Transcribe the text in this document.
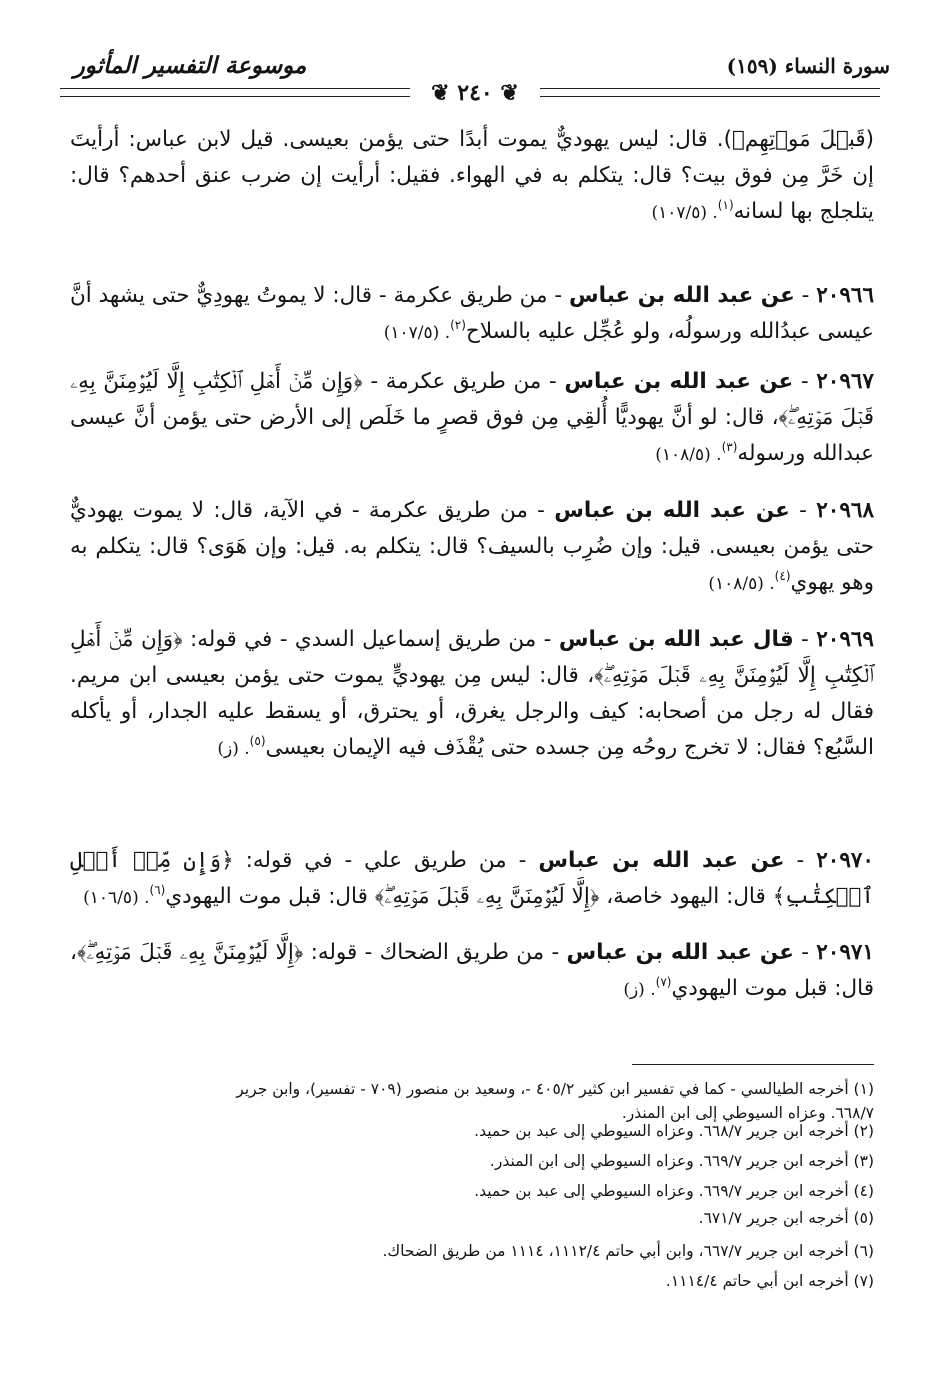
موسوعة التفسير المأثور	سورة النساء (١٥٩)
❦ ٢٤٠ ❦
(قَبۡلَ مَوۡتِهِمۡ). قال: ليس يهوديٌّ يموت أبدًا حتى يؤمن بعيسى. قيل لابن عباس: أرأيتَ إن خَرَّ مِن فوق بيت؟ قال: يتكلم به في الهواء. فقيل: أرأيت إن ضرب عنق أحدهم؟ قال: يتلجلج بها لسانه$^{(١)}$. (١٠٧/٥)
٢٠٩٦٦ - عن عبد الله بن عباس - من طريق عكرمة - قال: لا يموتُ يهودِيٌّ حتى يشهد أنَّ عيسى عبدُالله ورسولُه، ولو عُجِّل عليه بالسلاح$^{(٢)}$. (١٠٧/٥)
٢٠٩٦٧ - عن عبد الله بن عباس - من طريق عكرمة - ﴿وَإِن مِّنۡ أَهۡلِ ٱلۡكِتَٰبِ إِلَّا لَيُؤۡمِنَنَّ بِهِۦ قَبۡلَ مَوۡتِهِۦۖ﴾، قال: لو أنَّ يهوديًّا أُلقِي مِن فوق قصرٍ ما خَلَص إلى الأرض حتى يؤمن أنَّ عيسى عبدالله ورسوله$^{(٣)}$. (١٠٨/٥)
٢٠٩٦٨ - عن عبد الله بن عباس - من طريق عكرمة - في الآية، قال: لا يموت يهوديٌّ حتى يؤمن بعيسى. قيل: وإن ضُرِب بالسيف؟ قال: يتكلم به. قيل: وإن هَوَى؟ قال: يتكلم به وهو يهوي$^{(٤)}$. (١٠٨/٥)
٢٠٩٦٩ - قال عبد الله بن عباس - من طريق إسماعيل السدي - في قوله: ﴿وَإِن مِّنۡ أَهۡلِ ٱلۡكِتَٰبِ إِلَّا لَيُؤۡمِنَنَّ بِهِۦ قَبۡلَ مَوۡتِهِۦۖ﴾، قال: ليس مِن يهوديٍّ يموت حتى يؤمن بعيسى ابن مريم. فقال له رجل من أصحابه: كيف والرجل يغرق، أو يحترق، أو يسقط عليه الجدار، أو يأكله السَّبُع؟ فقال: لا تخرج روحُه مِن جسده حتى يُقْذَف فيه الإيمان بعيسى$^{(٥)}$. (ز)
٢٠٩٧٠ - عن عبد الله بن عباس - من طريق علي - في قوله: ﴿وَإِن مِّنۡ أَهۡلِ ٱلۡكِتَٰبِ﴾ قال: اليهود خاصة، ﴿إِلَّا لَيُؤۡمِنَنَّ بِهِۦ قَبۡلَ مَوۡتِهِۦۖ﴾ قال: قبل موت اليهودي$^{(٦)}$. (١٠٦/٥)
٢٠٩٧١ - عن عبد الله بن عباس - من طريق الضحاك - قوله: ﴿إِلَّا لَيُؤۡمِنَنَّ بِهِۦ قَبۡلَ مَوۡتِهِۦۖ﴾، قال: قبل موت اليهودي$^{(٧)}$. (ز)
(١) أخرجه الطيالسي - كما في تفسير ابن كثير ٤٠٥/٢ -، وسعيد بن منصور (٧٠٩ - تفسير)، وابن جرير
٦٦٨/٧. وعزاه السيوطي إلى ابن المنذر.
(٢) أخرجه ابن جرير ٦٦٨/٧. وعزاه السيوطي إلى عبد بن حميد.
(٣) أخرجه ابن جرير ٦٦٩/٧. وعزاه السيوطي إلى ابن المنذر.
(٤) أخرجه ابن جرير ٦٦٩/٧. وعزاه السيوطي إلى عبد بن حميد.
(٥) أخرجه ابن جرير ٦٧١/٧.
(٦) أخرجه ابن جرير ٦٦٧/٧، وابن أبي حاتم ١١١٢/٤، ١١١٤ من طريق الضحاك.
(٧) أخرجه ابن أبي حاتم ١١١٤/٤.
